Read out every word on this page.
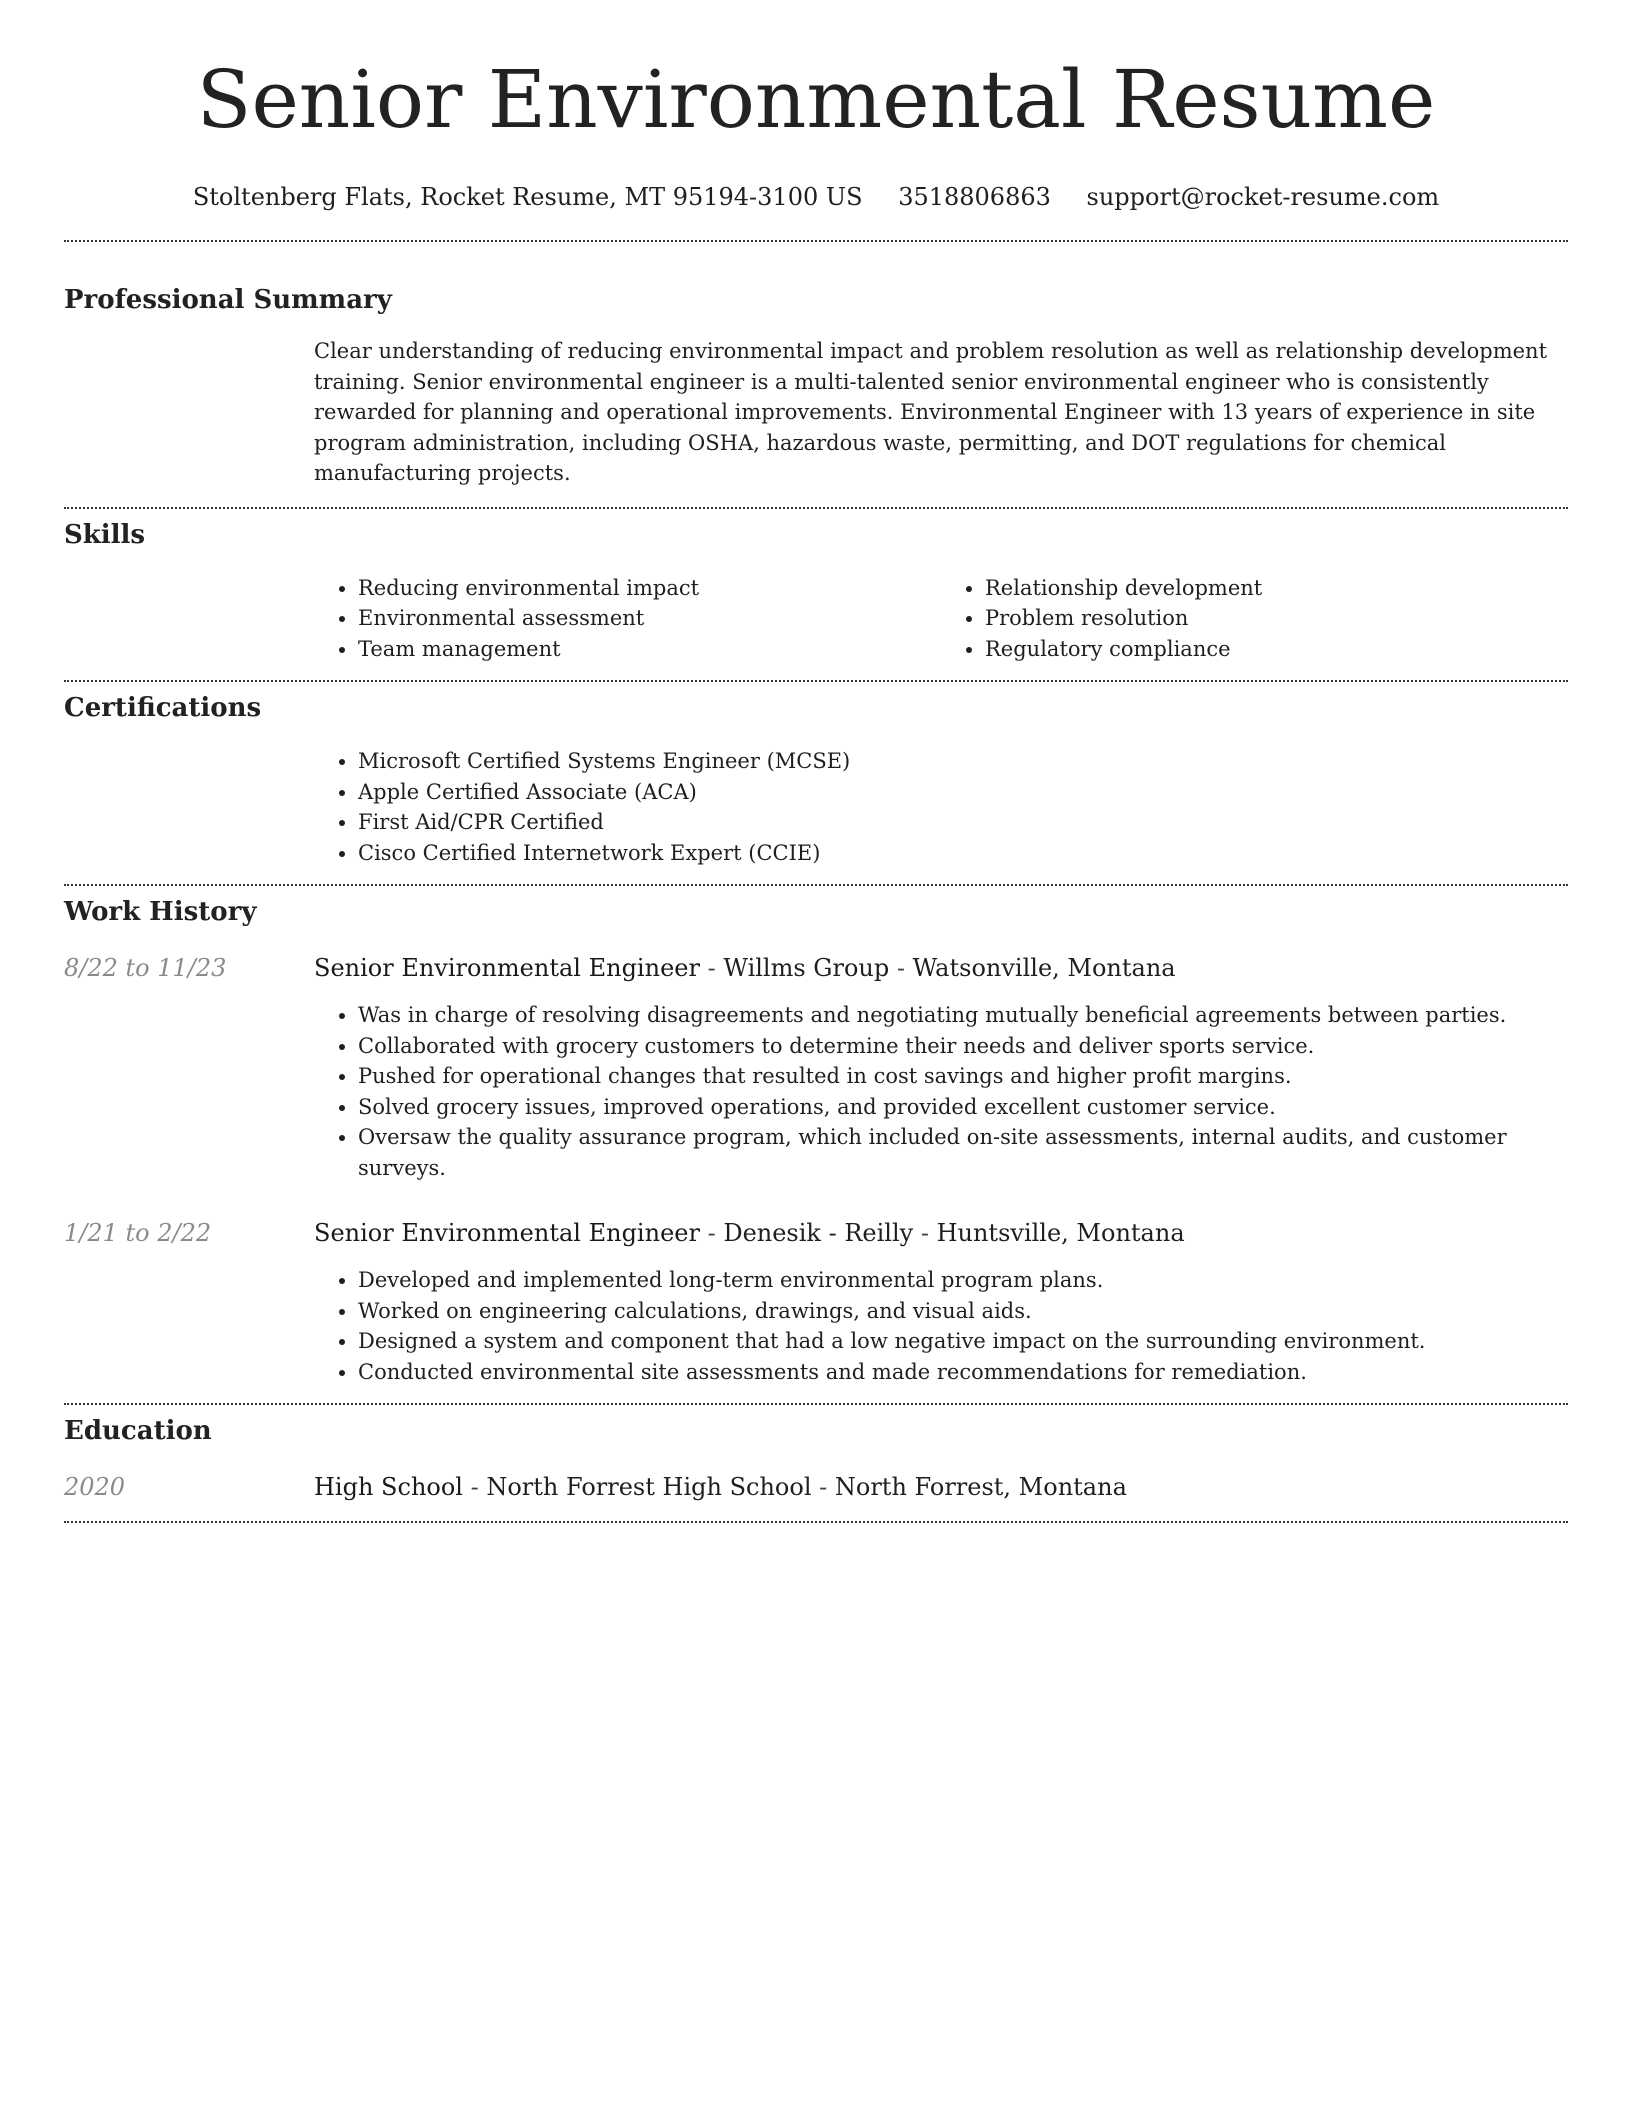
Senior Environmental Resume
Stoltenberg Flats, Rocket Resume, MT 95194-3100 US 3518806863 support@rocket-resume.com
Professional Summary

Clear understanding of reducing environmental impact and problem resolution as well as relationship development training. Senior environmental engineer is a multi-talented senior environmental engineer who is consistently rewarded for planning and operational improvements. Environmental Engineer with 13 years of experience in site program administration, including OSHA, hazardous waste, permitting, and DOT regulations for chemical manufacturing projects.

Skills
• Reducing environmental impact
• Environmental assessment
• Team management
• Relationship development
• Problem resolution
• Regulatory compliance
Certifications
• Microsoft Certified Systems Engineer (MCSE)
• Apple Certified Associate (ACA)
• First Aid/CPR Certified
• Cisco Certified Internetwork Expert (CCIE)
Work History
8/22 to 11/23	Senior Environmental Engineer - Willms Group - Watsonville, Montana

• Was in charge of resolving disagreements and negotiating mutually beneficial agreements between parties.
• Collaborated with grocery customers to determine their needs and deliver sports service.
• Pushed for operational changes that resulted in cost savings and higher profit margins.
• Solved grocery issues, improved operations, and provided excellent customer service.
• Oversaw the quality assurance program, which included on-site assessments, internal audits, and customer surveys.
1/21 to 2/22	Senior Environmental Engineer - Denesik - Reilly - Huntsville, Montana

• Developed and implemented long-term environmental program plans.
• Worked on engineering calculations, drawings, and visual aids.
• Designed a system and component that had a low negative impact on the surrounding environment.
• Conducted environmental site assessments and made recommendations for remediation.
Education
2020	High School - North Forrest High School - North Forrest, Montana
